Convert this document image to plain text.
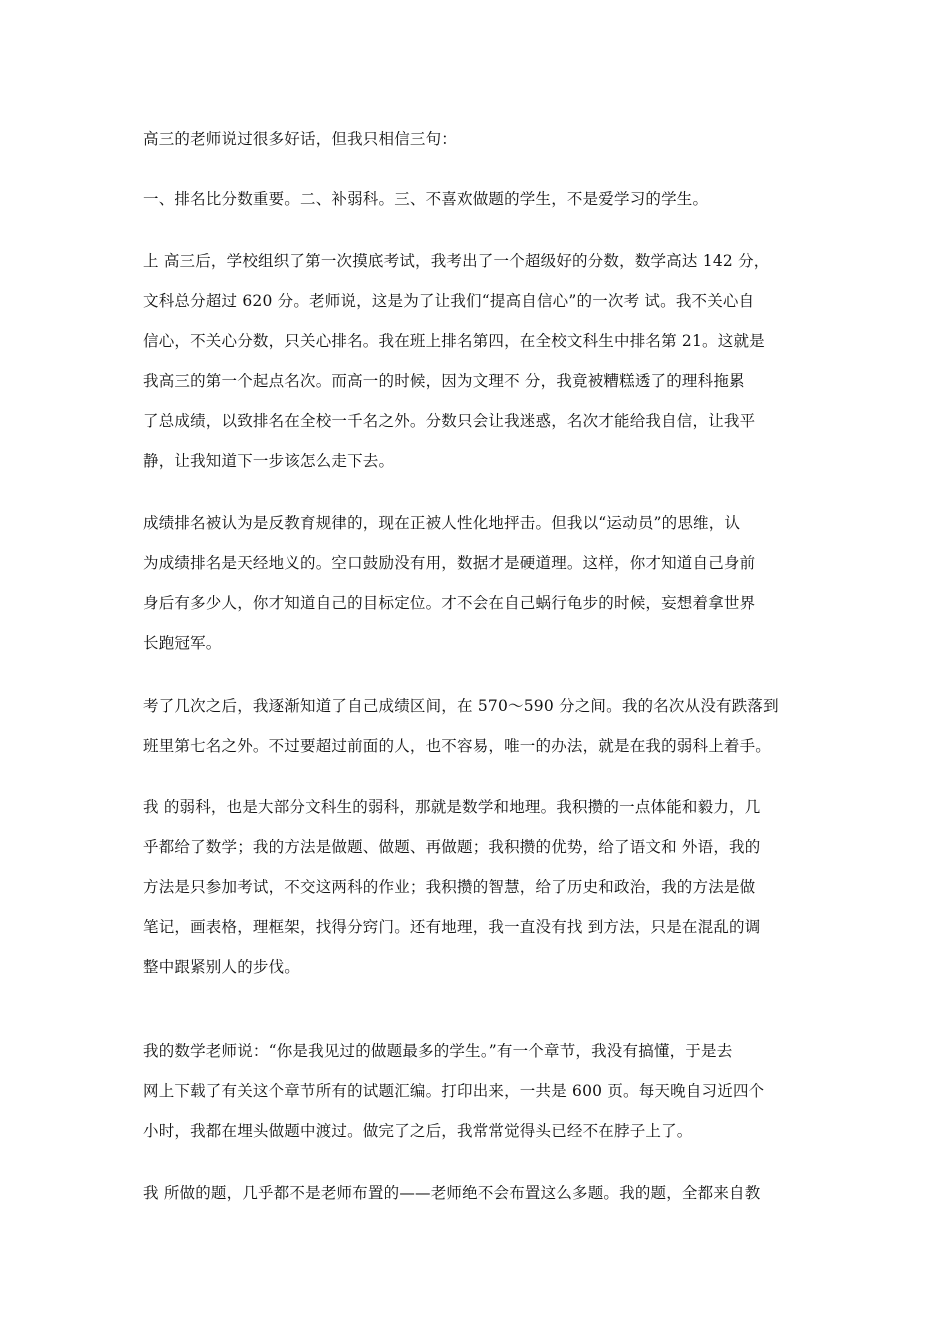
高三的老师说过很多好话，但我只相信三句：
一、排名比分数重要。二、补弱科。三、不喜欢做题的学生，不是爱学习的学生。
上 高三后，学校组织了第一次摸底考试，我考出了一个超级好的分数，数学高达 142 分，
文科总分超过 620 分。老师说，这是为了让我们“提高自信心”的一次考 试。我不关心自
信心，不关心分数，只关心排名。我在班上排名第四，在全校文科生中排名第 21。这就是
我高三的第一个起点名次。而高一的时候，因为文理不 分，我竟被糟糕透了的理科拖累
了总成绩，以致排名在全校一千名之外。分数只会让我迷惑，名次才能给我自信，让我平
静，让我知道下一步该怎么走下去。
成绩排名被认为是反教育规律的，现在正被人性化地抨击。但我以“运动员”的思维，认
为成绩排名是天经地义的。空口鼓励没有用，数据才是硬道理。这样，你才知道自己身前
身后有多少人，你才知道自己的目标定位。才不会在自己蜗行龟步的时候，妄想着拿世界
长跑冠军。
考了几次之后，我逐渐知道了自己成绩区间，在 570～590 分之间。我的名次从没有跌落到
班里第七名之外。不过要超过前面的人，也不容易，唯一的办法，就是在我的弱科上着手。
我 的弱科，也是大部分文科生的弱科，那就是数学和地理。我积攒的一点体能和毅力，几
乎都给了数学；我的方法是做题、做题、再做题；我积攒的优势，给了语文和 外语，我的
方法是只参加考试，不交这两科的作业；我积攒的智慧，给了历史和政治，我的方法是做
笔记，画表格，理框架，找得分窍门。还有地理，我一直没有找 到方法，只是在混乱的调
整中跟紧别人的步伐。
我的数学老师说：“你是我见过的做题最多的学生。”有一个章节，我没有搞懂，于是去
网上下载了有关这个章节所有的试题汇编。打印出来，一共是 600 页。每天晚自习近四个
小时，我都在埋头做题中渡过。做完了之后，我常常觉得头已经不在脖子上了。
我 所做的题，几乎都不是老师布置的——老师绝不会布置这么多题。我的题，全都来自教
